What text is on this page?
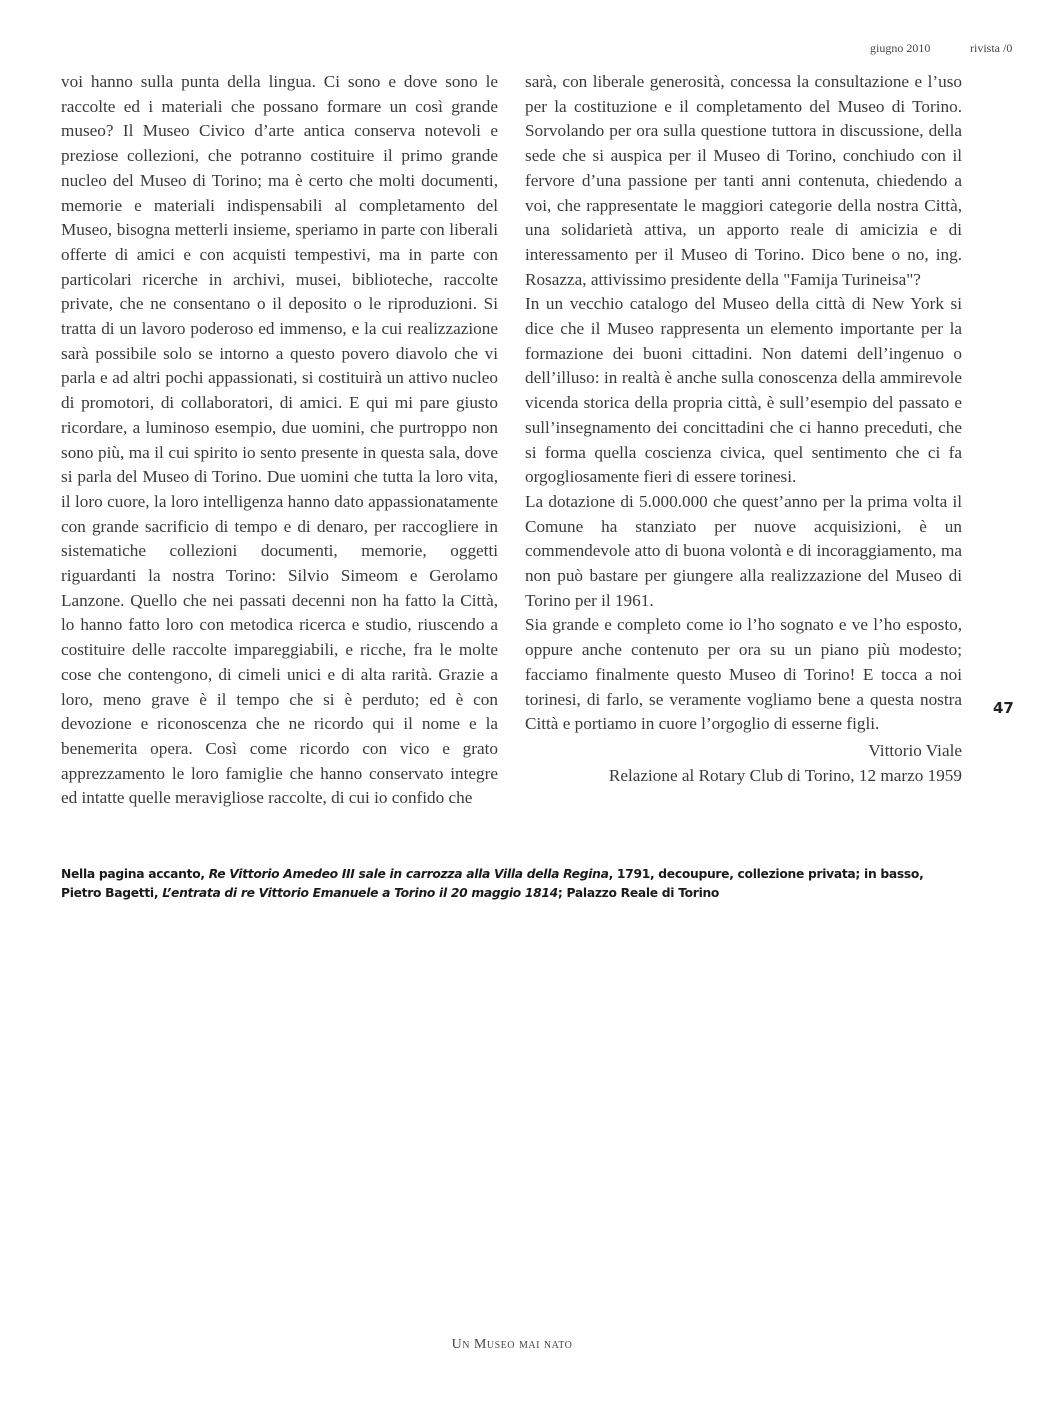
giugno 2010	rivista /0

voi hanno sulla punta della lingua. Ci sono e dove sono le raccolte ed i materiali che possano formare un così grande museo? Il Museo Civico d’arte antica conserva notevoli e preziose collezioni, che potranno costituire il primo grande nucleo del Museo di Torino; ma è certo che molti documenti, memorie e materiali indispensabili al completamento del Museo, bisogna metterli insieme, speriamo in parte con liberali offerte di amici e con acquisti tempestivi, ma in parte con particolari ricerche in archivi, musei, biblioteche, raccolte private, che ne consentano o il deposito o le riproduzioni. Si tratta di un lavoro poderoso ed immenso, e la cui realizzazione sarà possibile solo se intorno a questo povero diavolo che vi parla e ad altri pochi appassionati, si costituirà un attivo nucleo di promotori, di collaboratori, di amici. E qui mi pare giusto ricordare, a luminoso esempio, due uomini, che purtroppo non sono più, ma il cui spirito io sento presente in questa sala, dove si parla del Museo di Torino. Due uomini che tutta la loro vita, il loro cuore, la loro intelligenza hanno dato appassionatamente con grande sacrificio di tempo e di denaro, per raccogliere in sistematiche collezioni documenti, memorie, oggetti riguardanti la nostra Torino: Silvio Simeom e Gerolamo Lanzone. Quello che nei passati decenni non ha fatto la Città, lo hanno fatto loro con metodica ricerca e studio, riuscendo a costituire delle raccolte impareggiabili, e ricche, fra le molte cose che contengono, di cimeli unici e di alta rarità. Grazie a loro, meno grave è il tempo che si è perduto; ed è con devozione e riconoscenza che ne ricordo qui il nome e la benemerita opera. Così come ricordo con vico e grato apprezzamento le loro famiglie che hanno conservato integre ed intatte quelle meravigliose raccolte, di cui io confido che

sarà, con liberale generosità, concessa la consultazione e l’uso per la costituzione e il completamento del Museo di Torino. Sorvolando per ora sulla questione tuttora in discussione, della sede che si auspica per il Museo di Torino, conchiudo con il fervore d’una passione per tanti anni contenuta, chiedendo a voi, che rappresentate le maggiori categorie della nostra Città, una solidarietà attiva, un apporto reale di amicizia e di interessamento per il Museo di Torino. Dico bene o no, ing. Rosazza, attivissimo presidente della "Famija Turineisa"?

In un vecchio catalogo del Museo della città di New York si dice che il Museo rappresenta un elemento importante per la formazione dei buoni cittadini. Non datemi dell’ingenuo o dell’illuso: in realtà è anche sulla conoscenza della ammirevole vicenda storica della propria città, è sull’esempio del passato e sull’insegnamento dei concittadini che ci hanno preceduti, che si forma quella coscienza civica, quel sentimento che ci fa orgogliosamente fieri di essere torinesi.

La dotazione di 5.000.000 che quest’anno per la prima volta il Comune ha stanziato per nuove acquisizioni, è un commendevole atto di buona volontà e di incoraggiamento, ma non può bastare per giungere alla realizzazione del Museo di Torino per il 1961.

Sia grande e completo come io l’ho sognato e ve l’ho esposto, oppure anche contenuto per ora su un piano più modesto; facciamo finalmente questo Museo di Torino! E tocca a noi torinesi, di farlo, se veramente vogliamo bene a questa nostra Città e portiamo in cuore l’orgoglio di esserne figli.

Vittorio Viale
Relazione al Rotary Club di Torino, 12 marzo 1959
47
Nella pagina accanto, Re Vittorio Amedeo III sale in carrozza alla Villa della Regina, 1791, decoupure, collezione privata; in basso, Pietro Bagetti, L’entrata di re Vittorio Emanuele a Torino il 20 maggio 1814; Palazzo Reale di Torino
Un Museo mai nato
